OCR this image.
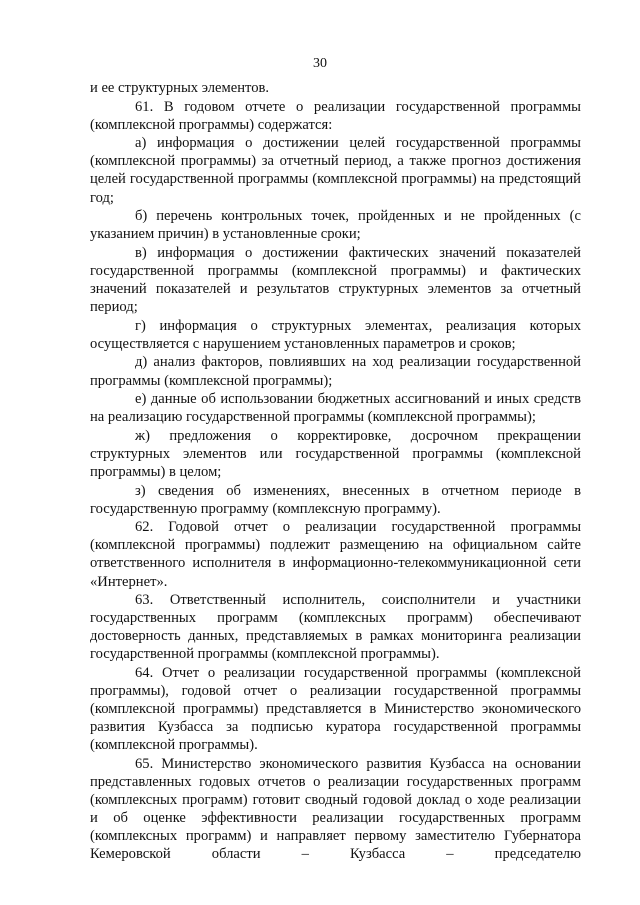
30

и ее структурных элементов.

61. В годовом отчете о реализации государственной программы (комплексной программы) содержатся:

а) информация о достижении целей государственной программы (комплексной программы) за отчетный период, а также прогноз достижения целей государственной программы (комплексной программы) на предстоящий год;

б) перечень контрольных точек, пройденных и не пройденных (с указанием причин) в установленные сроки;

в) информация о достижении фактических значений показателей государственной программы (комплексной программы) и фактических значений показателей и результатов структурных элементов за отчетный период;

г) информация о структурных элементах, реализация которых осуществляется с нарушением установленных параметров и сроков;

д) анализ факторов, повлиявших на ход реализации государственной программы (комплексной программы);

е) данные об использовании бюджетных ассигнований и иных средств на реализацию государственной программы (комплексной программы);

ж) предложения о корректировке, досрочном прекращении структурных элементов или государственной программы (комплексной программы) в целом;

з) сведения об изменениях, внесенных в отчетном периоде в государственную программу (комплексную программу).

62. Годовой отчет о реализации государственной программы (комплексной программы) подлежит размещению на официальном сайте ответственного исполнителя в информационно-телекоммуникационной сети «Интернет».

63. Ответственный исполнитель, соисполнители и участники государственных программ (комплексных программ) обеспечивают достоверность данных, представляемых в рамках мониторинга реализации государственной программы (комплексной программы).

64. Отчет о реализации государственной программы (комплексной программы), годовой отчет о реализации государственной программы (комплексной программы) представляется в Министерство экономического развития Кузбасса за подписью куратора государственной программы (комплексной программы).

65. Министерство экономического развития Кузбасса на основании представленных годовых отчетов о реализации государственных программ (комплексных программ) готовит сводный годовой доклад о ходе реализации и об оценке эффективности реализации государственных программ (комплексных программ) и направляет первому заместителю Губернатора Кемеровской области – Кузбасса – председателю
